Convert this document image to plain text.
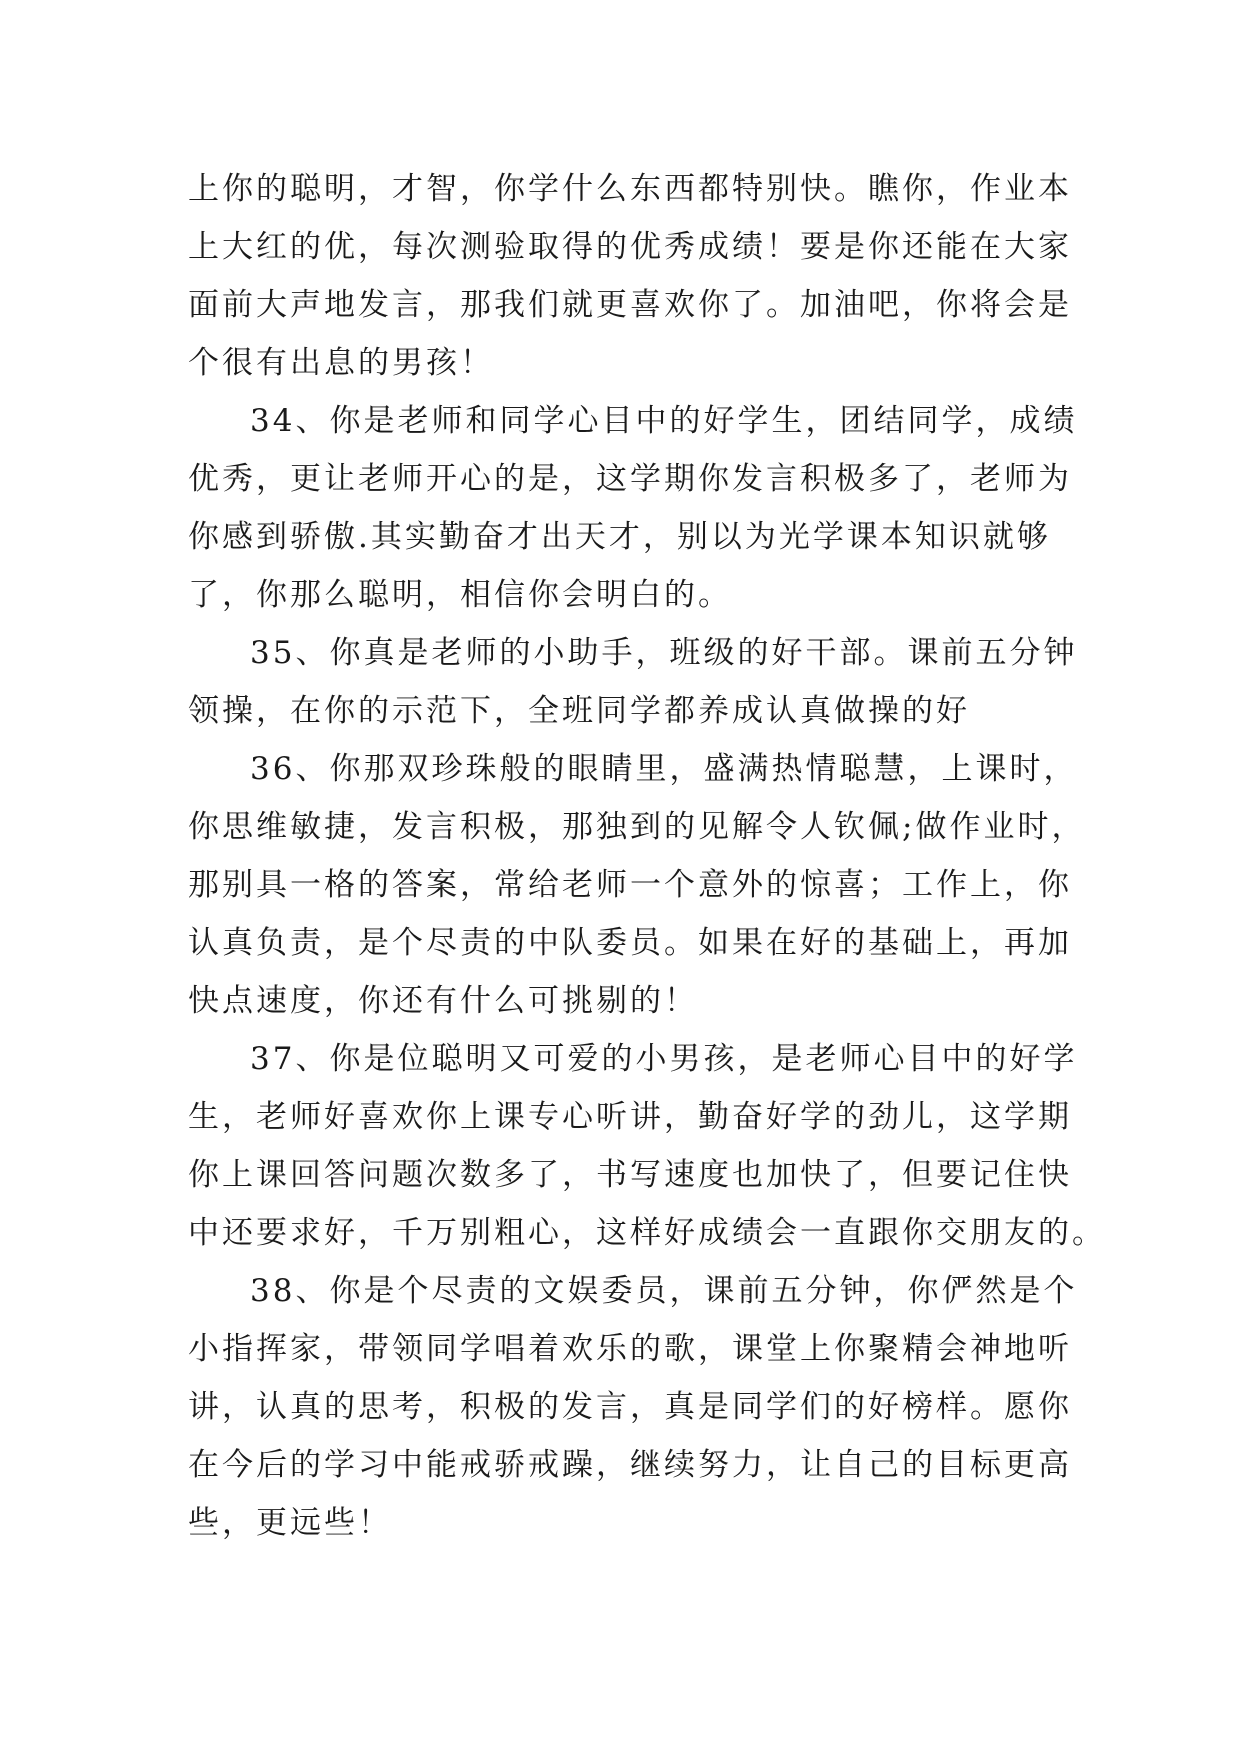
上你的聪明，才智，你学什么东西都特别快。瞧你，作业本
上大红的优，每次测验取得的优秀成绩！要是你还能在大家
面前大声地发言，那我们就更喜欢你了。加油吧，你将会是
个很有出息的男孩！
34、你是老师和同学心目中的好学生，团结同学，成绩
优秀，更让老师开心的是，这学期你发言积极多了，老师为
你感到骄傲.其实勤奋才出天才，别以为光学课本知识就够
了，你那么聪明，相信你会明白的。
35、你真是老师的小助手，班级的好干部。课前五分钟
领操，在你的示范下，全班同学都养成认真做操的好
36、你那双珍珠般的眼睛里，盛满热情聪慧，上课时，
你思维敏捷，发言积极，那独到的见解令人钦佩;做作业时，
那别具一格的答案，常给老师一个意外的惊喜；工作上，你
认真负责，是个尽责的中队委员。如果在好的基础上，再加
快点速度，你还有什么可挑剔的！
37、你是位聪明又可爱的小男孩，是老师心目中的好学
生，老师好喜欢你上课专心听讲，勤奋好学的劲儿，这学期
你上课回答问题次数多了，书写速度也加快了，但要记住快
中还要求好，千万别粗心，这样好成绩会一直跟你交朋友的。
38、你是个尽责的文娱委员，课前五分钟，你俨然是个
小指挥家，带领同学唱着欢乐的歌，课堂上你聚精会神地听
讲，认真的思考，积极的发言，真是同学们的好榜样。愿你
在今后的学习中能戒骄戒躁，继续努力，让自己的目标更高
些，更远些！
